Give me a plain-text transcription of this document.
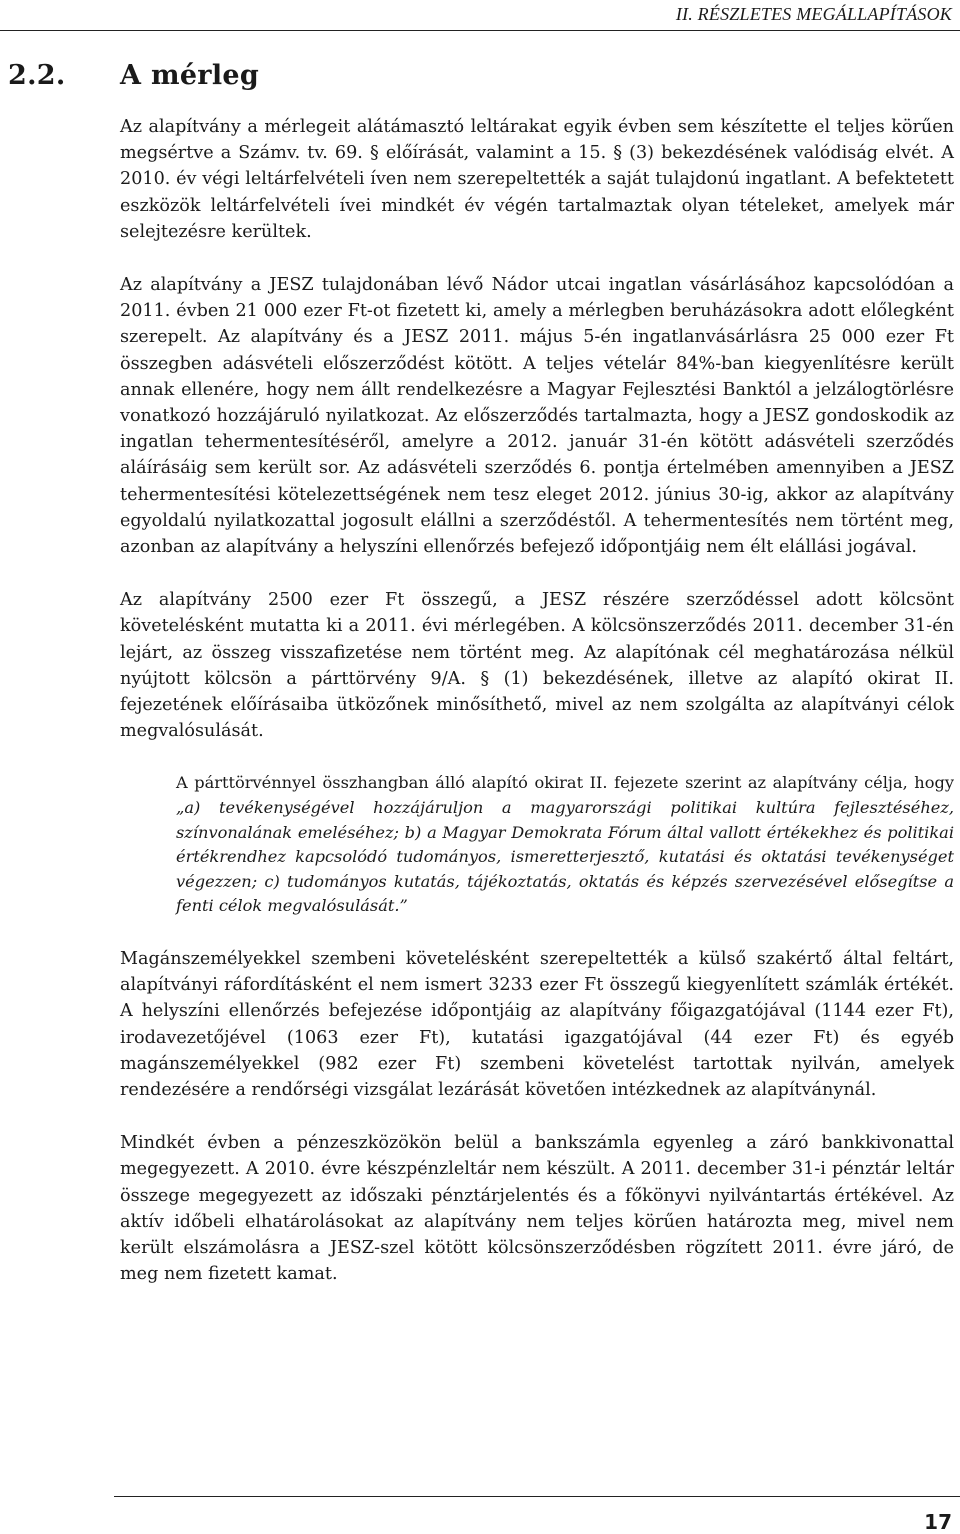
II. RÉSZLETES MEGÁLLAPÍTÁSOK
2.2. A mérleg

Az alapítvány a mérlegeit alátámasztó leltárakat egyik évben sem készítette el teljes körűen megsértve a Számv. tv. 69. § előírását, valamint a 15. § (3) bekezdésének valódiság elvét. A 2010. év végi leltárfelvételi íven nem szerepeltették a saját tulajdonú ingatlant. A befektetett eszközök leltárfelvételi ívei mindkét év végén tartalmaztak olyan tételeket, amelyek már selejtezésre kerültek.

Az alapítvány a JESZ tulajdonában lévő Nádor utcai ingatlan vásárlásához kapcsolódóan a 2011. évben 21 000 ezer Ft-ot fizetett ki, amely a mérlegben beruházásokra adott előlegként szerepelt. Az alapítvány és a JESZ 2011. május 5-én ingatlanvásárlásra 25 000 ezer Ft összegben adásvételi előszerződést kötött. A teljes vételár 84%-ban kiegyenlítésre került annak ellenére, hogy nem állt rendelkezésre a Magyar Fejlesztési Banktól a jelzálogtörlésre vonatkozó hozzájáruló nyilatkozat. Az előszerződés tartalmazta, hogy a JESZ gondoskodik az ingatlan tehermentesítéséről, amelyre a 2012. január 31-én kötött adásvételi szerződés aláírásáig sem került sor. Az adásvételi szerződés 6. pontja értelmében amennyiben a JESZ tehermentesítési kötelezettségének nem tesz eleget 2012. június 30-ig, akkor az alapítvány egyoldalú nyilatkozattal jogosult elállni a szerződéstől. A tehermentesítés nem történt meg, azonban az alapítvány a helyszíni ellenőrzés befejező időpontjáig nem élt elállási jogával.

Az alapítvány 2500 ezer Ft összegű, a JESZ részére szerződéssel adott kölcsönt követelésként mutatta ki a 2011. évi mérlegében. A kölcsönszerződés 2011. december 31-én lejárt, az összeg visszafizetése nem történt meg. Az alapítónak cél meghatározása nélkül nyújtott kölcsön a párttörvény 9/A. § (1) bekezdésének, illetve az alapító okirat II. fejezetének előírásaiba ütközőnek minősíthető, mivel az nem szolgálta az alapítványi célok megvalósulását.

A párttörvénnyel összhangban álló alapító okirat II. fejezete szerint az alapítvány célja, hogy „a) tevékenységével hozzájáruljon a magyarországi politikai kultúra fejlesztéséhez, színvonalának emeléséhez; b) a Magyar Demokrata Fórum által vallott értékekhez és politikai értékrendhez kapcsolódó tudományos, ismeretterjesztő, kutatási és oktatási tevékenységet végezzen; c) tudományos kutatás, tájékoztatás, oktatás és képzés szervezésével elősegítse a fenti célok megvalósulását.”

Magánszemélyekkel szembeni követelésként szerepeltették a külső szakértő által feltárt, alapítványi ráfordításként el nem ismert 3233 ezer Ft összegű kiegyenlített számlák értékét. A helyszíni ellenőrzés befejezése időpontjáig az alapítvány főigazgatójával (1144 ezer Ft), irodavezetőjével (1063 ezer Ft), kutatási igazgatójával (44 ezer Ft) és egyéb magánszemélyekkel (982 ezer Ft) szembeni követelést tartottak nyilván, amelyek rendezésére a rendőrségi vizsgálat lezárását követően intézkednek az alapítványnál.

Mindkét évben a pénzeszközökön belül a bankszámla egyenleg a záró bankkivonattal megegyezett. A 2010. évre készpénzleltár nem készült. A 2011. december 31-i pénztár leltár összege megegyezett az időszaki pénztárjelentés és a főkönyvi nyilvántartás értékével. Az aktív időbeli elhatárolásokat az alapítvány nem teljes körűen határozta meg, mivel nem került elszámolásra a JESZ-szel kötött kölcsönszerződésben rögzített 2011. évre járó, de meg nem fizetett kamat.

17
